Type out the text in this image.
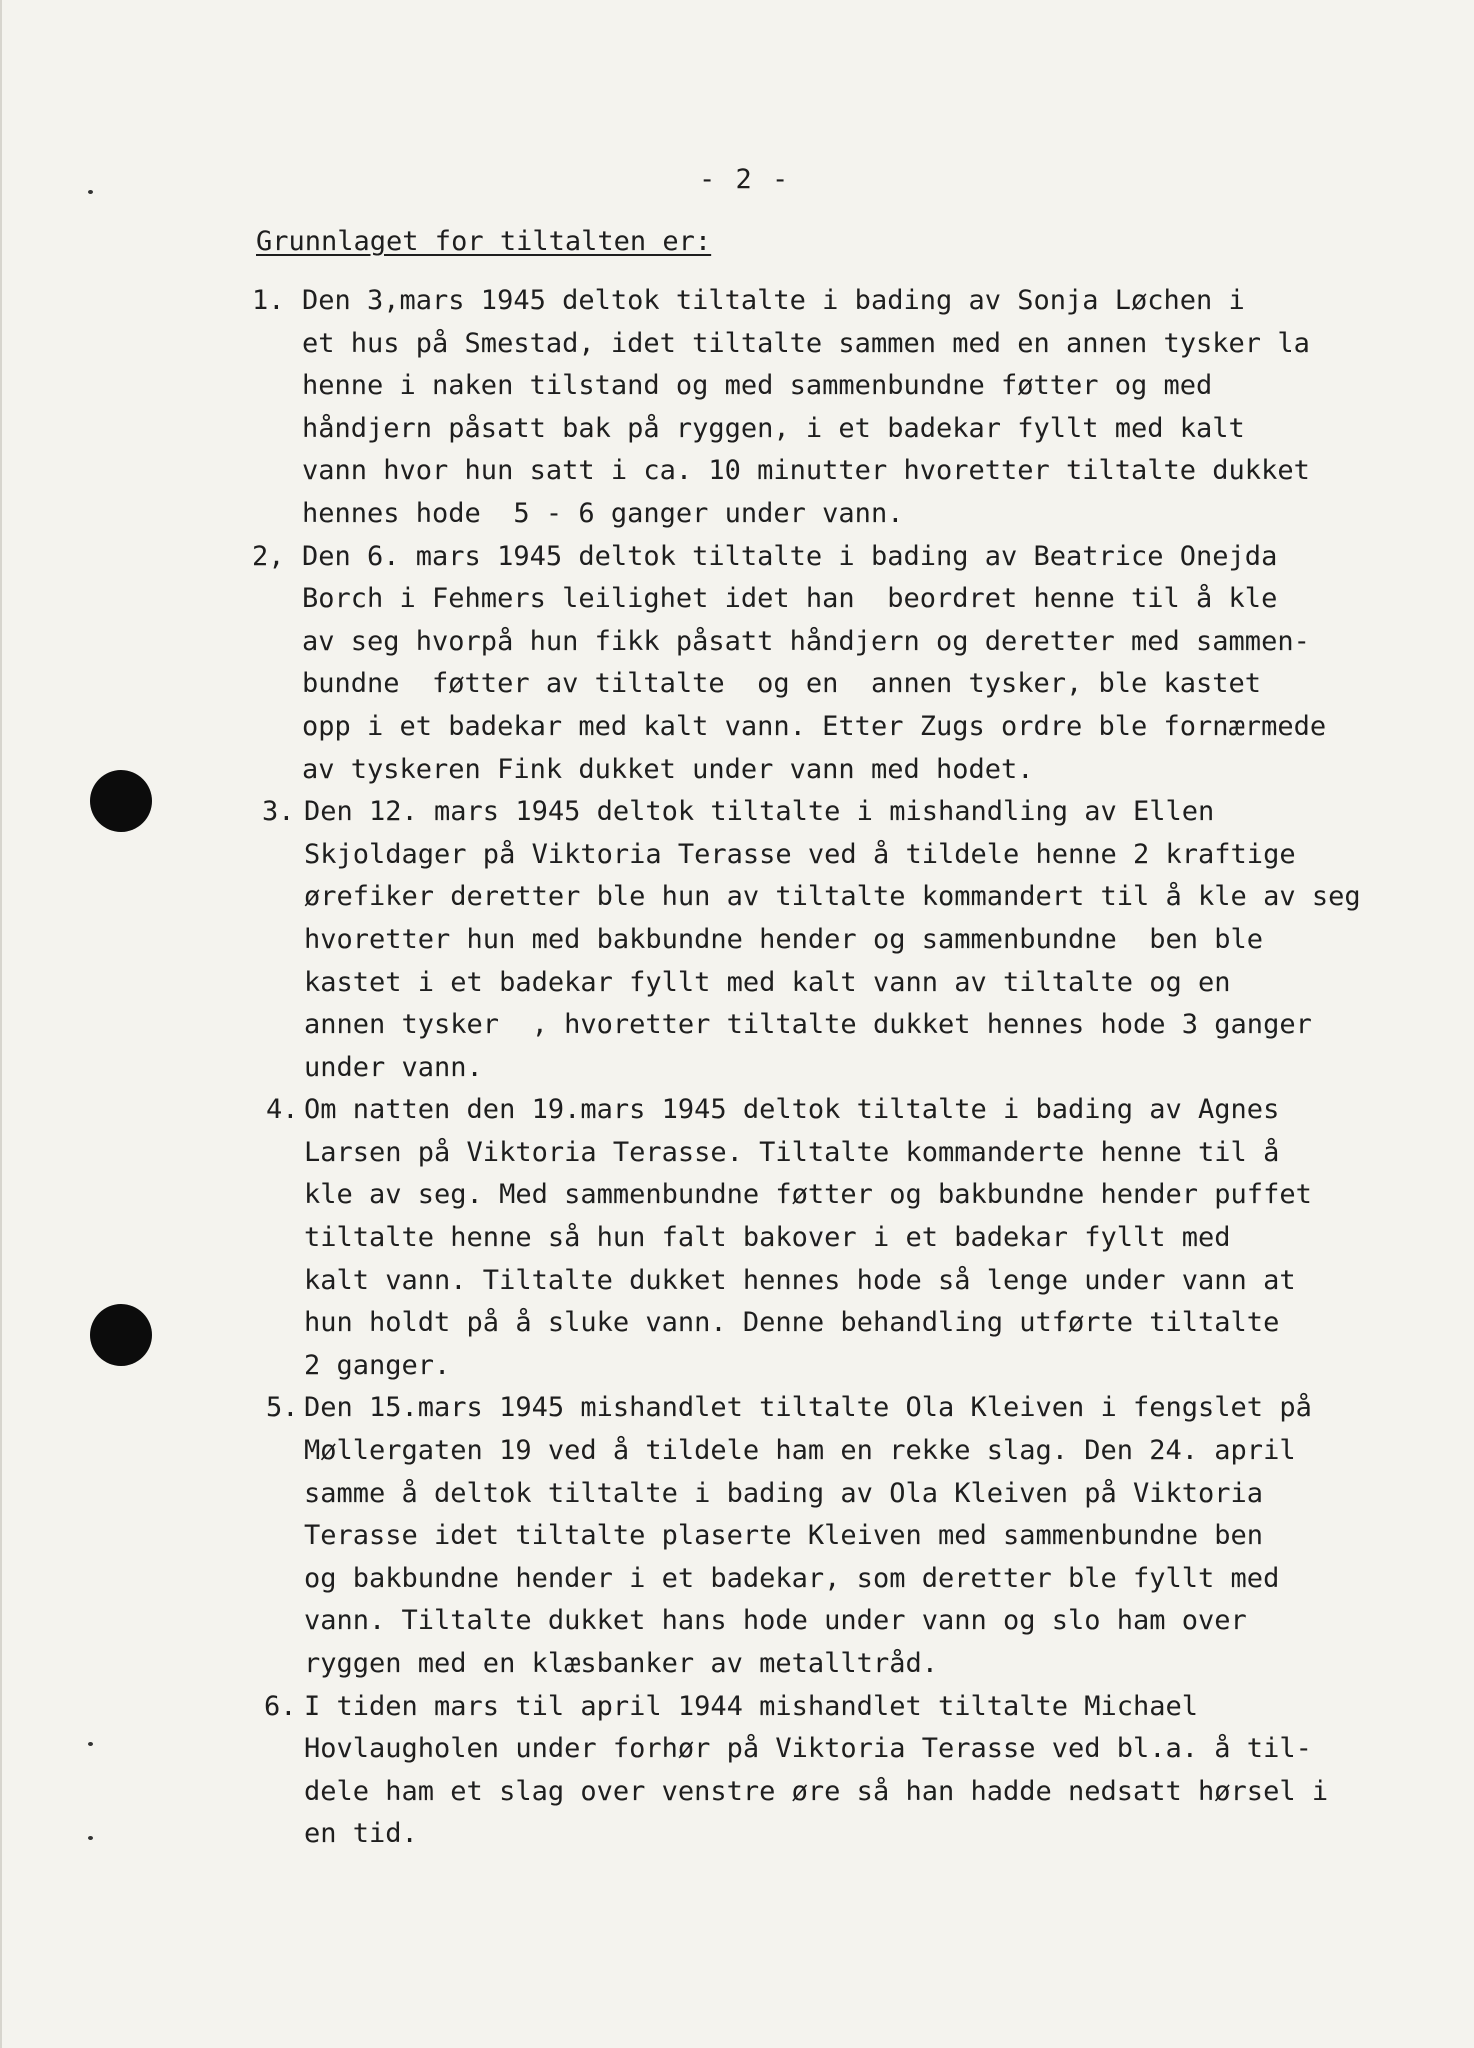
- 2 -
Grunnlaget for tiltalten er:
1. Den 3,mars 1945 deltok tiltalte i bading av Sonja Løchen i
et hus på Smestad, idet tiltalte sammen med en annen tysker la
henne i naken tilstand og med sammenbundne føtter og med
håndjern påsatt bak på ryggen, i et badekar fyllt med kalt
vann hvor hun satt i ca. 10 minutter hvoretter tiltalte dukket
hennes hode  5 - 6 ganger under vann.
2, Den 6. mars 1945 deltok tiltalte i bading av Beatrice Onejda
Borch i Fehmers leilighet idet han  beordret henne til å kle
av seg hvorpå hun fikk påsatt håndjern og deretter med sammen-
bundne  føtter av tiltalte  og en  annen tysker, ble kastet
opp i et badekar med kalt vann. Etter Zugs ordre ble fornærmede
av tyskeren Fink dukket under vann med hodet.
3. Den 12. mars 1945 deltok tiltalte i mishandling av Ellen
Skjoldager på Viktoria Terasse ved å tildele henne 2 kraftige
ørefiker deretter ble hun av tiltalte kommandert til å kle av seg
hvoretter hun med bakbundne hender og sammenbundne  ben ble
kastet i et badekar fyllt med kalt vann av tiltalte og en
annen tysker  , hvoretter tiltalte dukket hennes hode 3 ganger
under vann.
4. Om natten den 19.mars 1945 deltok tiltalte i bading av Agnes
Larsen på Viktoria Terasse. Tiltalte kommanderte henne til å
kle av seg. Med sammenbundne føtter og bakbundne hender puffet
tiltalte henne så hun falt bakover i et badekar fyllt med
kalt vann. Tiltalte dukket hennes hode så lenge under vann at
hun holdt på å sluke vann. Denne behandling utførte tiltalte
2 ganger.
5. Den 15.mars 1945 mishandlet tiltalte Ola Kleiven i fengslet på
Møllergaten 19 ved å tildele ham en rekke slag. Den 24. april
samme å deltok tiltalte i bading av Ola Kleiven på Viktoria
Terasse idet tiltalte plaserte Kleiven med sammenbundne ben
og bakbundne hender i et badekar, som deretter ble fyllt med
vann. Tiltalte dukket hans hode under vann og slo ham over
ryggen med en klæsbanker av metalltråd.
6. I tiden mars til april 1944 mishandlet tiltalte Michael
Hovlaugholen under forhør på Viktoria Terasse ved bl.a. å til-
dele ham et slag over venstre øre så han hadde nedsatt hørsel i
en tid.
